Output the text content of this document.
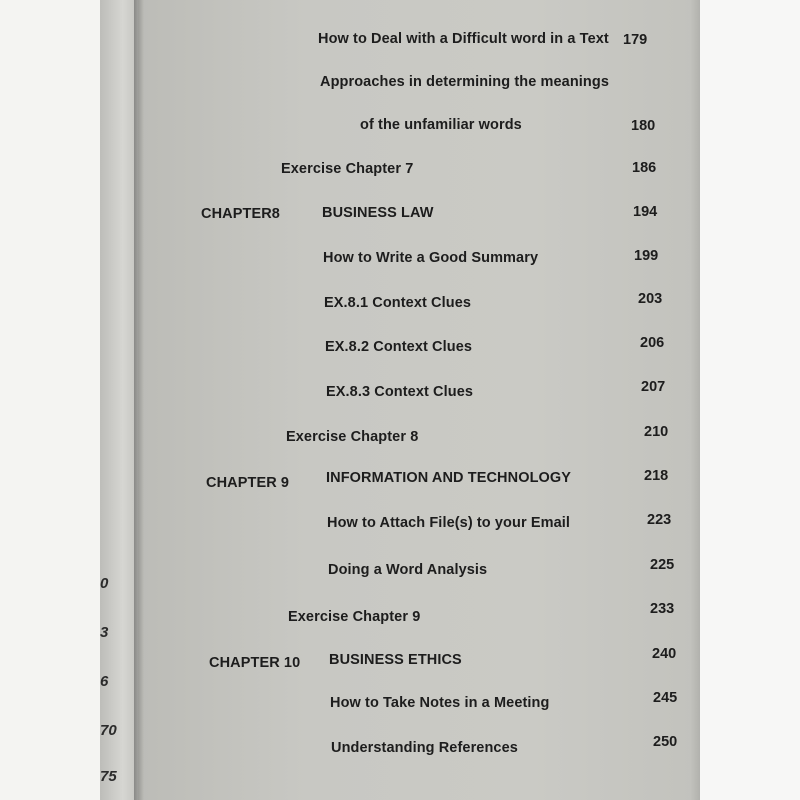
0
3
6
70
75
How to Deal with a Difficult word in a Text 179
Approaches in determining the meanings
of the unfamiliar words	180
Exercise Chapter 7	186
CHAPTER8	BUSINESS LAW	194
How to Write a Good Summary	199
EX.8.1 Context Clues	203
EX.8.2 Context Clues	206
EX.8.3 Context Clues	207
Exercise Chapter 8	210
CHAPTER 9	INFORMATION AND TECHNOLOGY	218
How to Attach File(s) to your Email	223
Doing a Word Analysis	225
Exercise Chapter 9	233
CHAPTER 10 BUSINESS ETHICS	240
How to Take Notes in a Meeting	245
Understanding References	250
